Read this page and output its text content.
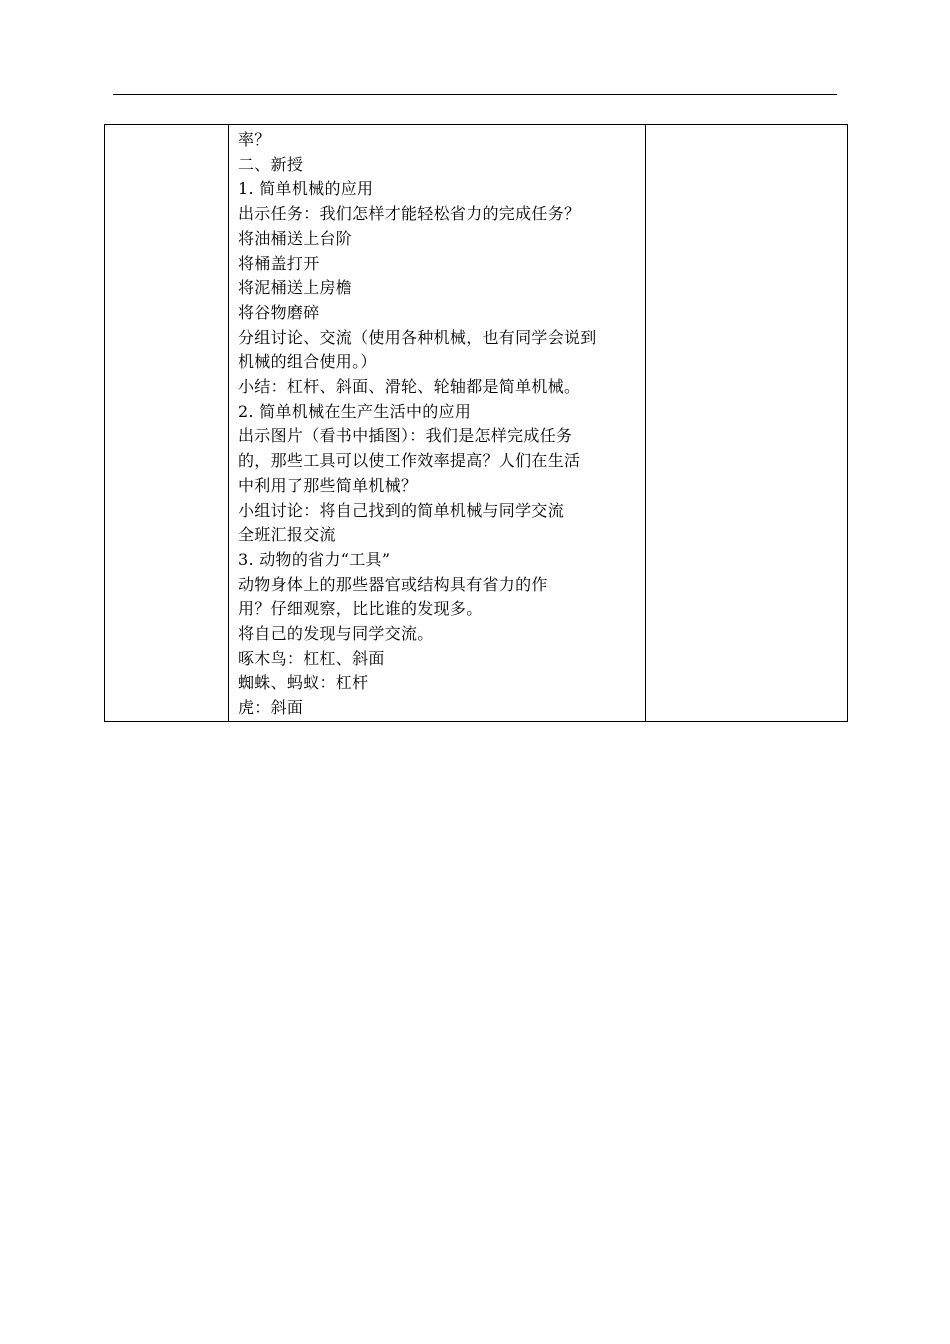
率？
二、新授
1. 简单机械的应用
出示任务：我们怎样才能轻松省力的完成任务？
将油桶送上台阶
将桶盖打开
将泥桶送上房檐
将谷物磨碎
分组讨论、交流（使用各种机械，也有同学会说到
机械的组合使用。）
小结：杠杆、斜面、滑轮、轮轴都是简单机械。
2. 简单机械在生产生活中的应用
出示图片（看书中插图）：我们是怎样完成任务
的，那些工具可以使工作效率提高？人们在生活
中利用了那些简单机械？
小组讨论：将自己找到的简单机械与同学交流
全班汇报交流
3. 动物的省力“工具”
动物身体上的那些器官或结构具有省力的作
用？仔细观察，比比谁的发现多。
将自己的发现与同学交流。
啄木鸟：杠杠、斜面
蜘蛛、蚂蚁：杠杆
虎：斜面
